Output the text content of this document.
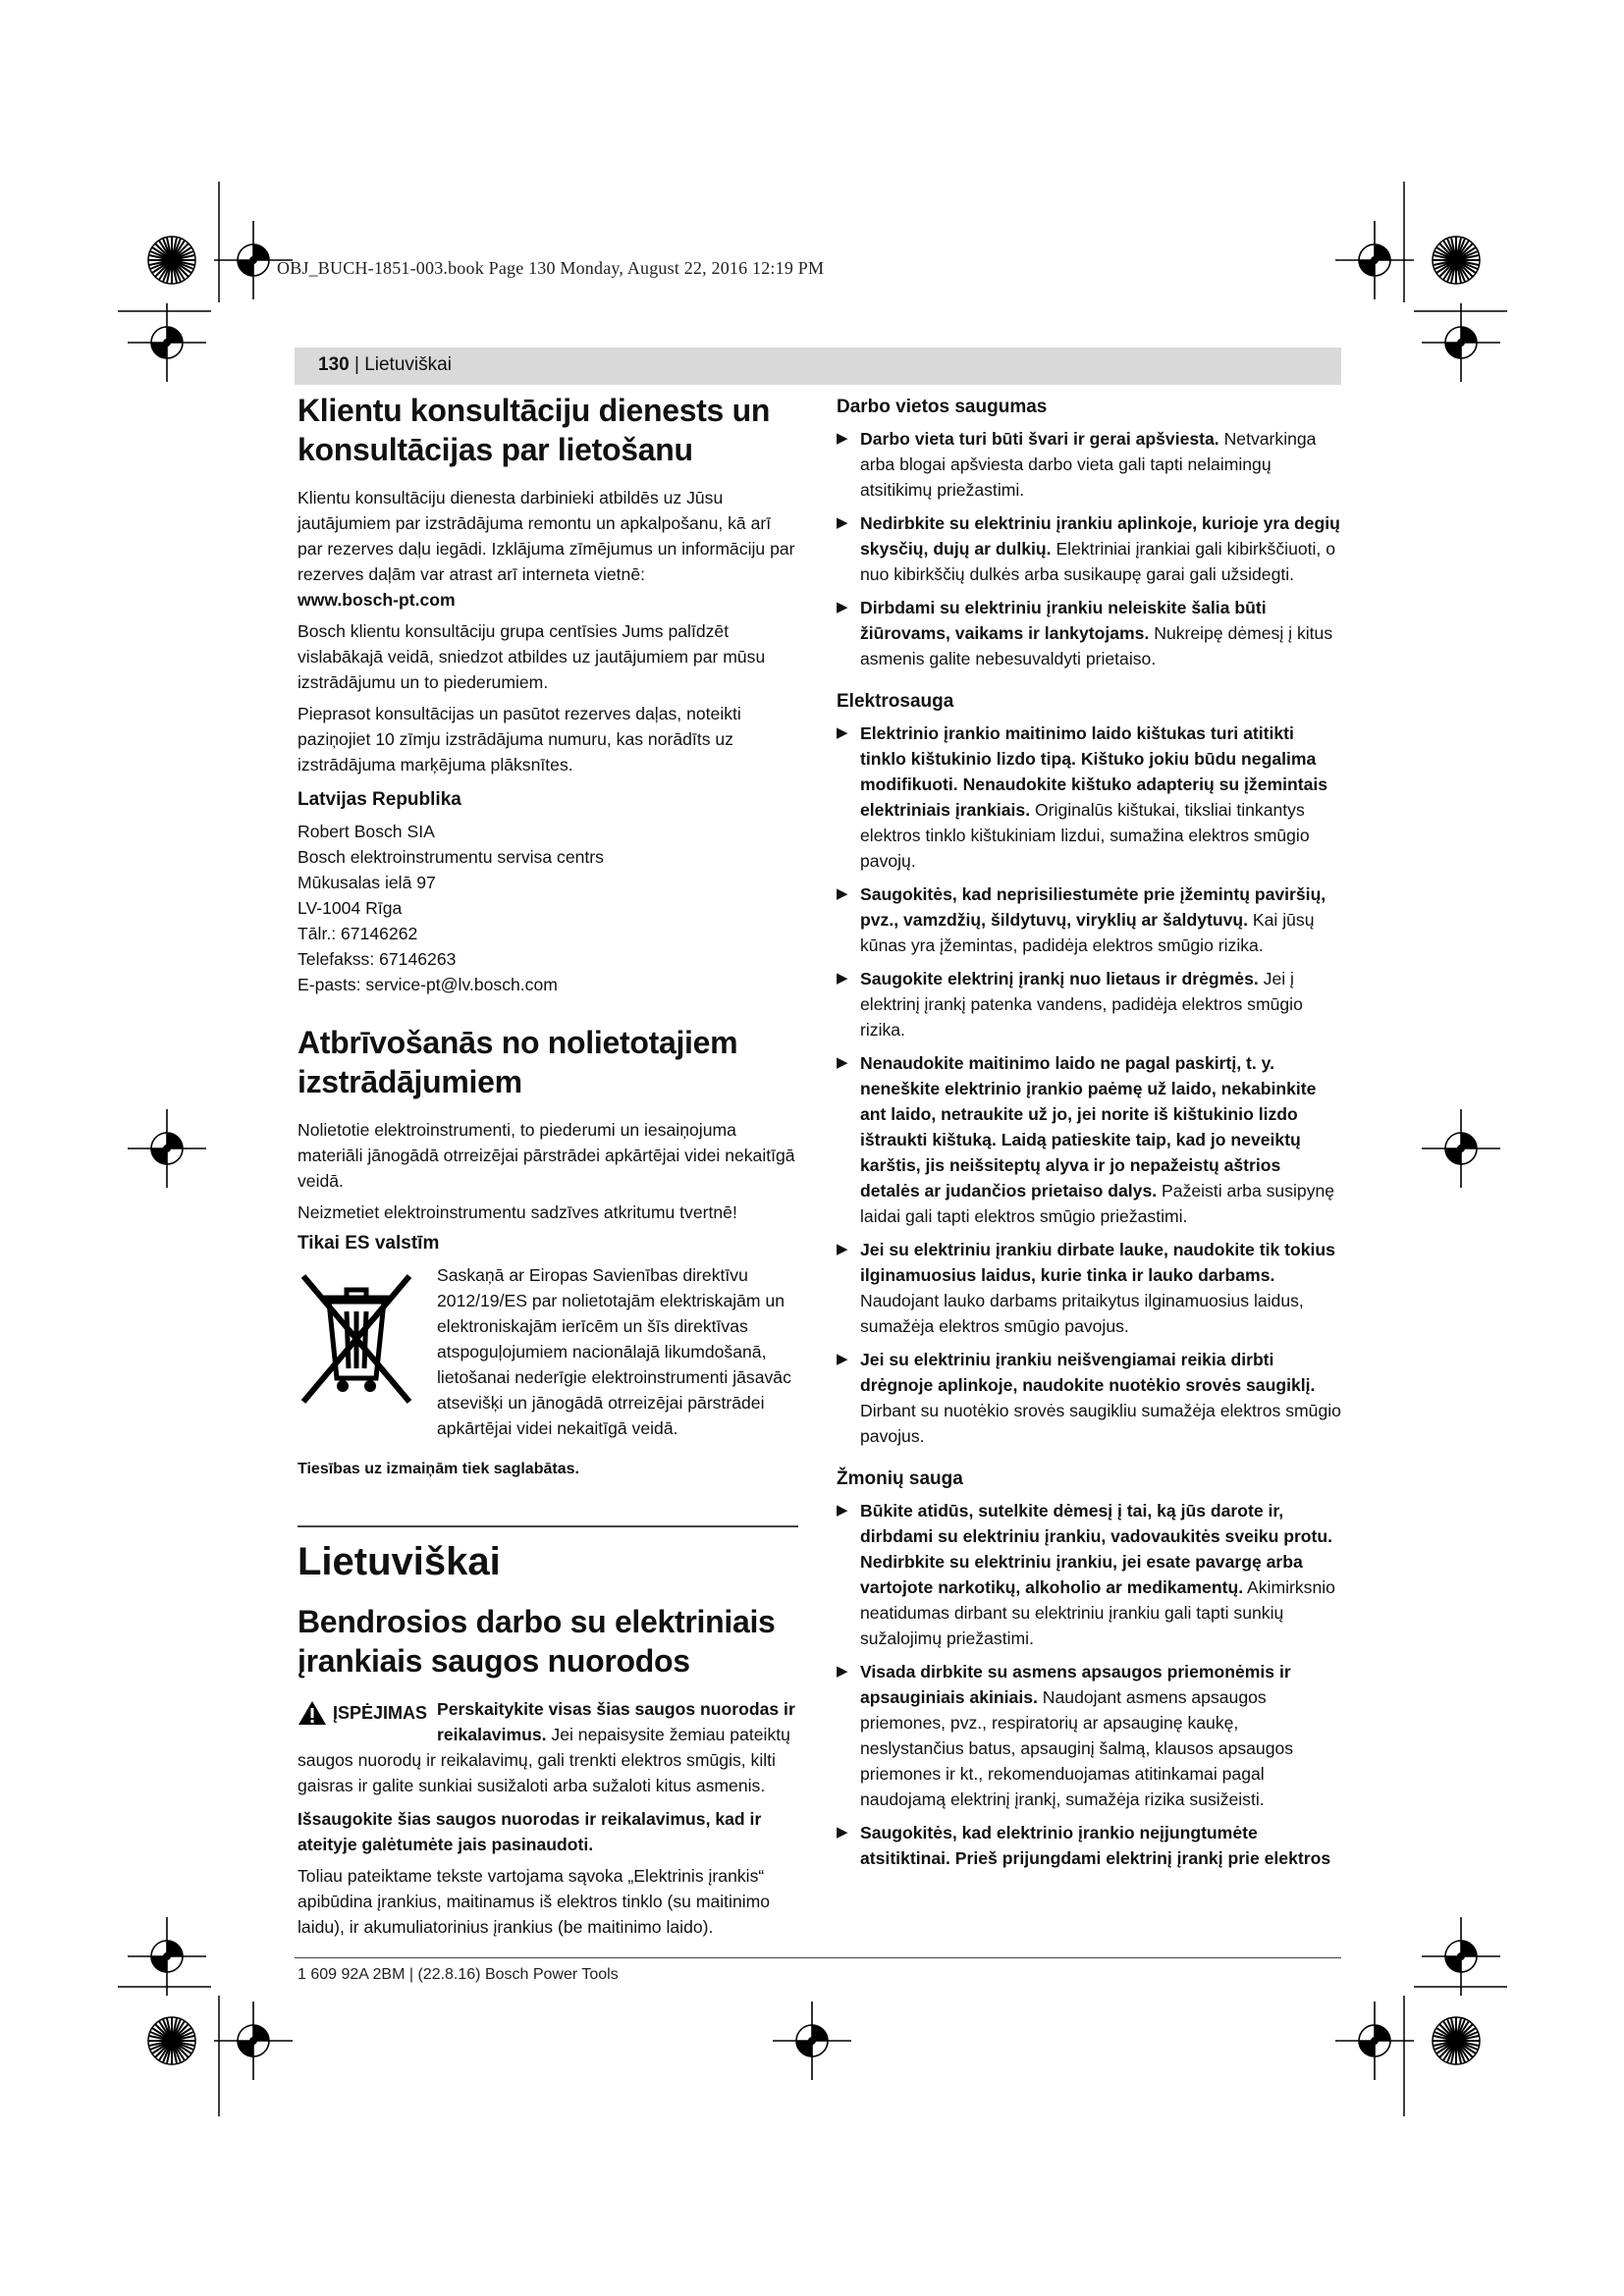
OBJ_BUCH-1851-003.book Page 130 Monday, August 22, 2016 12:19 PM
130 | Lietuviškai
Klientu konsultāciju dienests un
konsultācijas par lietošanu

Klientu konsultāciju dienesta darbinieki atbildēs uz Jūsu jautājumiem par izstrādājuma remontu un apkalpošanu, kā arī par rezerves daļu iegādi. Izklājuma zīmējumus un informāciju par rezerves daļām var atrast arī interneta vietnē:

www.bosch-pt.com

Bosch klientu konsultāciju grupa centīsies Jums palīdzēt vislabākajā veidā, sniedzot atbildes uz jautājumiem par mūsu izstrādājumu un to piederumiem.

Pieprasot konsultācijas un pasūtot rezerves daļas, noteikti paziņojiet 10 zīmju izstrādājuma numuru, kas norādīts uz izstrādājuma marķējuma plāksnītes.

Latvijas Republika

Robert Bosch SIA

Bosch elektroinstrumentu servisa centrs

Mūkusalas ielā 97

LV-1004 Rīga

Tālr.: 67146262

Telefakss: 67146263

E-pasts: service-pt@lv.bosch.com

Atbrīvošanās no nolietotajiem
izstrādājumiem

Nolietotie elektroinstrumenti, to piederumi un iesaiņojuma materiāli jānogādā otrreizējai pārstrādei apkārtējai videi nekaitīgā veidā.

Neizmetiet elektroinstrumentu sadzīves atkritumu tvertnē!

Tikai ES valstīm
Saskaņā ar Eiropas Savienības direktīvu 2012/19/ES par nolietotajām elektriskajām un elektroniskajām ierīcēm un šīs direktīvas atspoguļojumiem nacionālajā likumdošanā, lietošanai nederīgie elektroinstrumenti jāsavāc atsevišķi un jānogādā otrreizējai pārstrādei apkārtējai videi nekaitīgā veidā.

Tiesības uz izmaiņām tiek saglabātas.

Lietuviškai
Bendrosios darbo su elektriniais
įrankiais saugos nuorodos
ĮSPĖJIMAS Perskaitykite visas šias saugos nuorodas ir reikalavimus. Jei nepaisysite žemiau pateiktų saugos nuorodų ir reikalavimų, gali trenkti elektros smūgis, kilti gaisras ir galite sunkiai susižaloti arba sužaloti kitus asmenis.

Išsaugokite šias saugos nuorodas ir reikalavimus, kad ir ateityje galėtumėte jais pasinaudoti.

Toliau pateiktame tekste vartojama sąvoka „Elektrinis įrankis“ apibūdina įrankius, maitinamus iš elektros tinklo (su maitinimo laidu), ir akumuliatorinius įrankius (be maitinimo laido).

Darbo vietos saugumas
▶ Darbo vieta turi būti švari ir gerai apšviesta. Netvarkinga arba blogai apšviesta darbo vieta gali tapti nelaimingų atsitikimų priežastimi.
▶ Nedirbkite su elektriniu įrankiu aplinkoje, kurioje yra degių skysčių, dujų ar dulkių. Elektriniai įrankiai gali kibirkščiuoti, o nuo kibirkščių dulkės arba susikaupę garai gali užsidegti.
▶ Dirbdami su elektriniu įrankiu neleiskite šalia būti žiūrovams, vaikams ir lankytojams. Nukreipę dėmesį į kitus asmenis galite nebesuvaldyti prietaiso.
Elektrosauga
▶ Elektrinio įrankio maitinimo laido kištukas turi atitikti tinklo kištukinio lizdo tipą. Kištuko jokiu būdu negalima modifikuoti. Nenaudokite kištuko adapterių su įžemintais elektriniais įrankiais. Originalūs kištukai, tiksliai tinkantys elektros tinklo kištukiniam lizdui, sumažina elektros smūgio pavojų.
▶ Saugokitės, kad neprisiliestumėte prie įžemintų paviršių, pvz., vamzdžių, šildytuvų, viryklių ar šaldytuvų. Kai jūsų kūnas yra įžemintas, padidėja elektros smūgio rizika.
▶ Saugokite elektrinį įrankį nuo lietaus ir drėgmės. Jei į elektrinį įrankį patenka vandens, padidėja elektros smūgio rizika.
▶ Nenaudokite maitinimo laido ne pagal paskirtį, t. y. neneškite elektrinio įrankio paėmę už laido, nekabinkite ant laido, netraukite už jo, jei norite iš kištukinio lizdo ištraukti kištuką. Laidą patieskite taip, kad jo neveiktų karštis, jis neišsiteptų alyva ir jo nepažeistų aštrios detalės ar judančios prietaiso dalys. Pažeisti arba susipynę laidai gali tapti elektros smūgio priežastimi.
▶ Jei su elektriniu įrankiu dirbate lauke, naudokite tik tokius ilginamuosius laidus, kurie tinka ir lauko darbams. Naudojant lauko darbams pritaikytus ilginamuosius laidus, sumažėja elektros smūgio pavojus.
▶ Jei su elektriniu įrankiu neišvengiamai reikia dirbti drėgnoje aplinkoje, naudokite nuotėkio srovės saugiklį. Dirbant su nuotėkio srovės saugikliu sumažėja elektros smūgio pavojus.
Žmonių sauga
▶ Būkite atidūs, sutelkite dėmesį į tai, ką jūs darote ir, dirbdami su elektriniu įrankiu, vadovaukitės sveiku protu. Nedirbkite su elektriniu įrankiu, jei esate pavargę arba vartojote narkotikų, alkoholio ar medikamentų. Akimirksnio neatidumas dirbant su elektriniu įrankiu gali tapti sunkių sužalojimų priežastimi.
▶ Visada dirbkite su asmens apsaugos priemonėmis ir apsauginiais akiniais. Naudojant asmens apsaugos priemones, pvz., respiratorių ar apsauginę kaukę, neslystančius batus, apsauginį šalmą, klausos apsaugos priemones ir kt., rekomenduojamas atitinkamai pagal naudojamą elektrinį įrankį, sumažėja rizika susižeisti.
▶ Saugokitės, kad elektrinio įrankio neįjungtumėte atsitiktinai. Prieš prijungdami elektrinį įrankį prie elektros
1 609 92A 2BM | (22.8.16) Bosch Power Tools
